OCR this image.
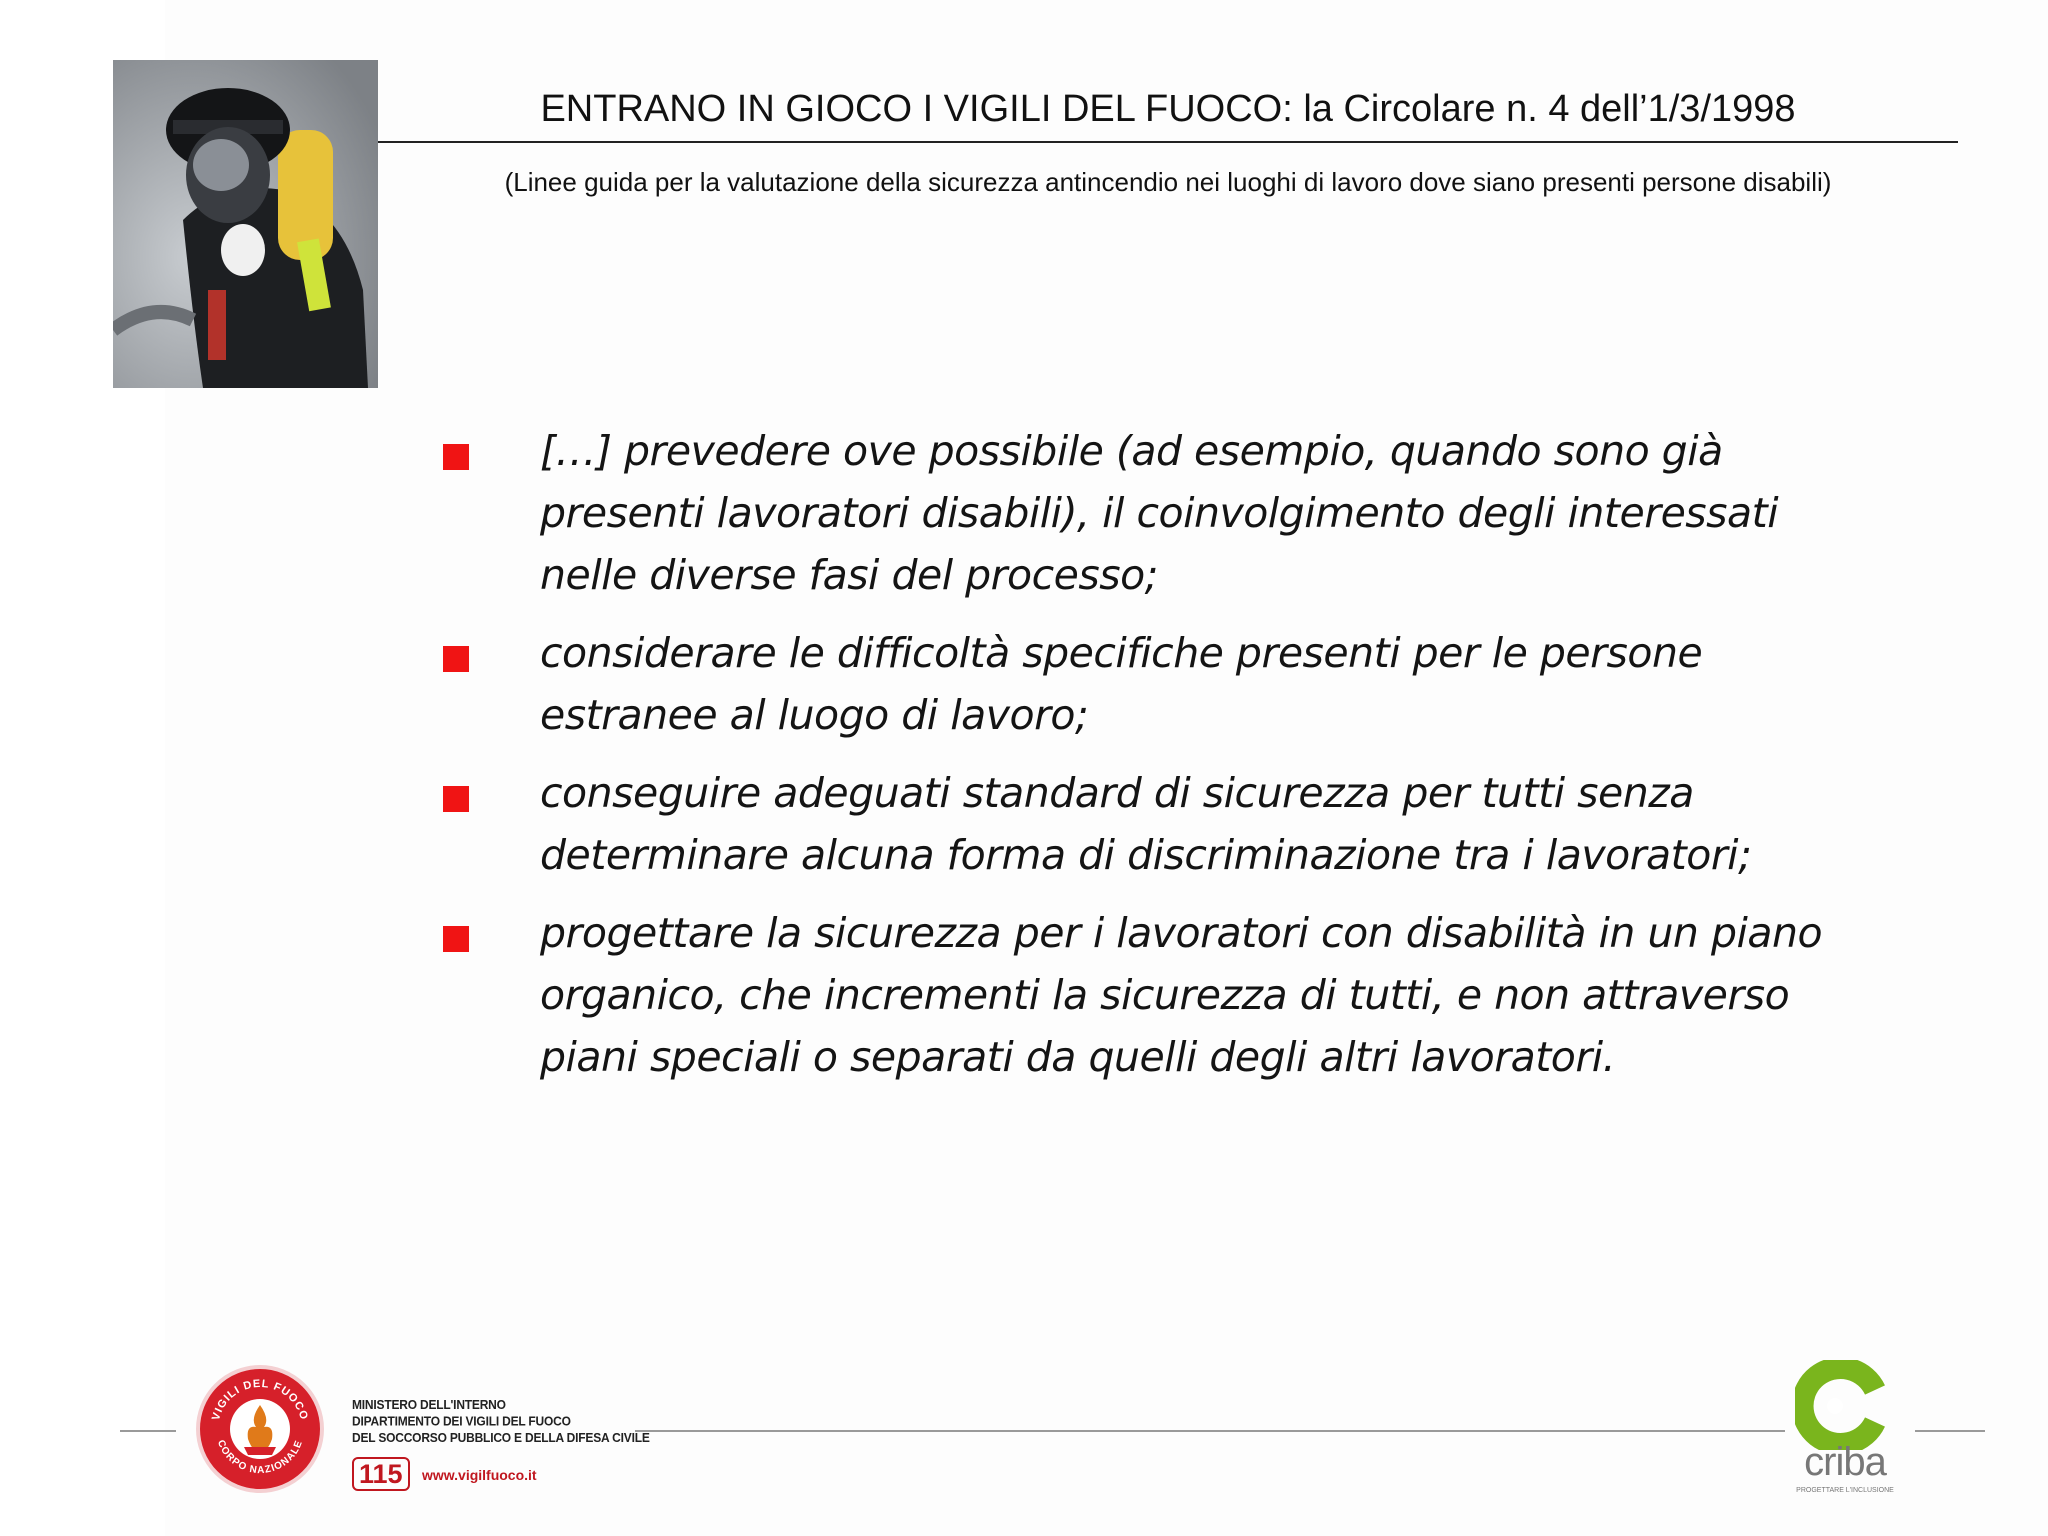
ENTRANO IN GIOCO I VIGILI DEL FUOCO: la Circolare n. 4 dell’1/3/1998
(Linee guida per la valutazione della sicurezza antincendio nei luoghi di lavoro dove siano presenti persone disabili)
[…] prevedere ove possibile (ad esempio, quando sono già presenti lavoratori disabili), il coinvolgimento degli interessati nelle diverse fasi del processo;
considerare le difficoltà specifiche presenti per le persone estranee al luogo di lavoro;
conseguire adeguati standard di sicurezza per tutti senza determinare alcuna forma di discriminazione tra i lavoratori;
progettare la sicurezza per i lavoratori con disabilità in un piano organico, che incrementi la sicurezza di tutti, e non attraverso piani speciali o separati da quelli degli altri lavoratori.
VIGILI DEL FUOCO
CORPO NAZIONALE
MINISTERO DELL'INTERNO
DIPARTIMENTO DEI VIGILI DEL FUOCO
DEL SOCCORSO PUBBLICO E DELLA DIFESA CIVILE
115	www.vigilfuoco.it	criba
PROGETTARE L'INCLUSIONE
